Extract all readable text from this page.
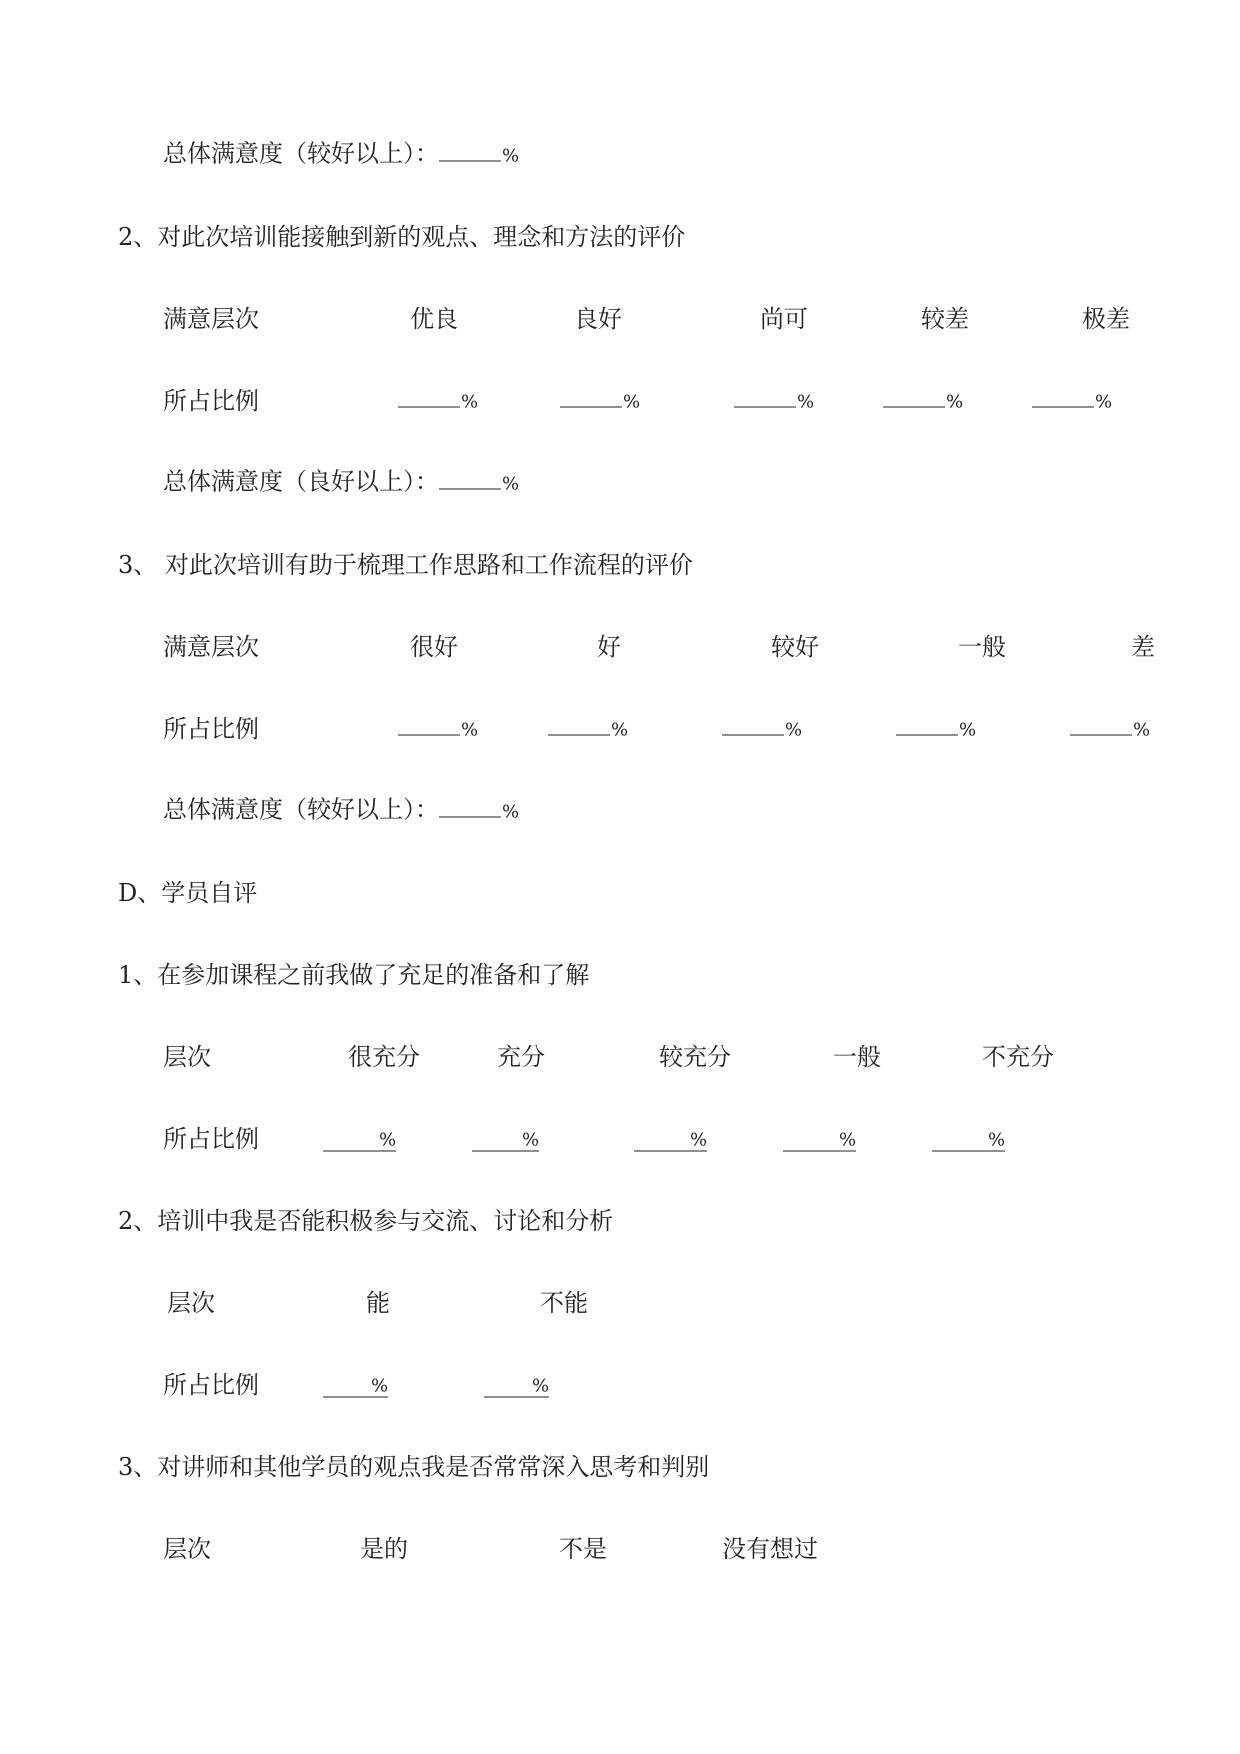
总体满意度（较好以上）：	%
2、对此次培训能接触到新的观点、理念和方法的评价
满意层次	优良	良好	尚可	较差	极差
所占比例	%	%	%	%	%
总体满意度（良好以上）：	%
3、 对此次培训有助于梳理工作思路和工作流程的评价
满意层次	很好	好	较好	一般	差
所占比例	%	%	%	%	%
总体满意度（较好以上）：	%
D、学员自评
1、在参加课程之前我做了充足的准备和了解
层次	很充分	充分	较充分	一般	不充分
所占比例	%	%	%	%	%
2、培训中我是否能积极参与交流、讨论和分析
层次	能	不能
所占比例	%	%
3、对讲师和其他学员的观点我是否常常深入思考和判别
层次	是的	不是	没有想过
